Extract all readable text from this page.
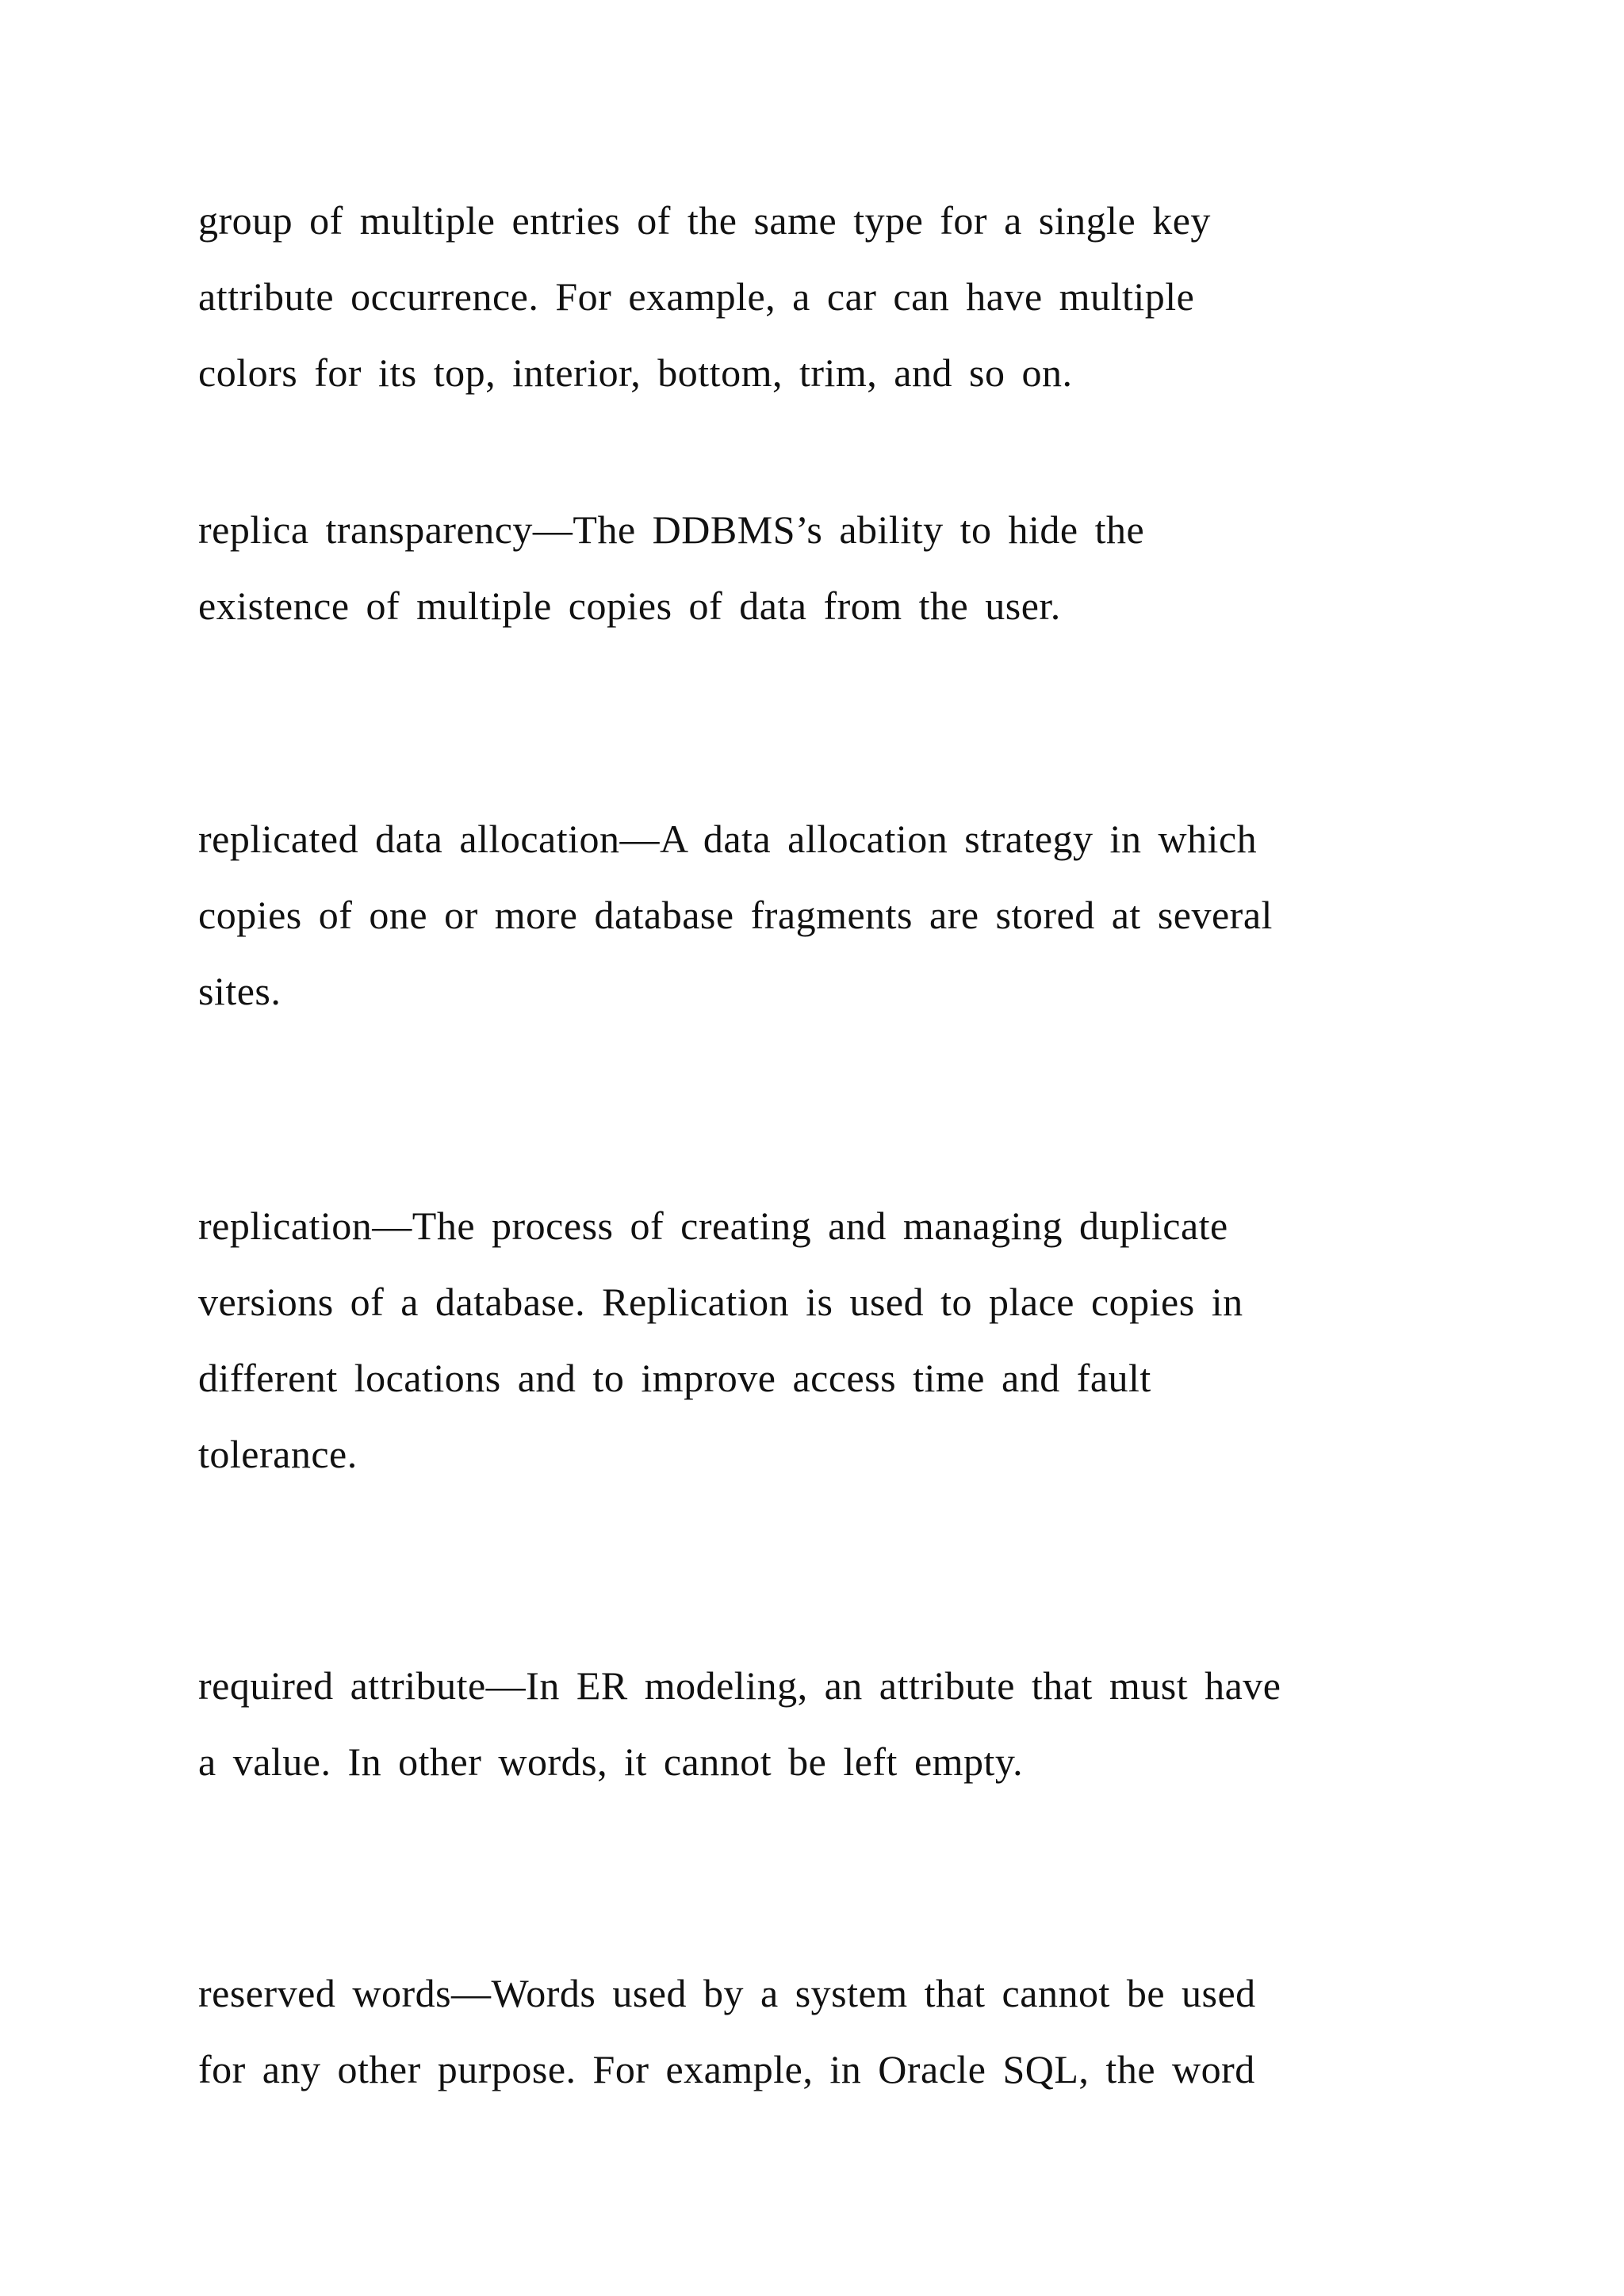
group of multiple entries of the same type for a single key
attribute occurrence. For example, a car can have multiple
colors for its top, interior, bottom, trim, and so on.
replica transparency—The DDBMS’s ability to hide the
existence of multiple copies of data from the user.
replicated data allocation—A data allocation strategy in which
copies of one or more database fragments are stored at several
sites.
replication—The process of creating and managing duplicate
versions of a database. Replication is used to place copies in
different locations and to improve access time and fault
tolerance.
required attribute—In ER modeling, an attribute that must have
a value. In other words, it cannot be left empty.
reserved words—Words used by a system that cannot be used
for any other purpose. For example, in Oracle SQL, the word
